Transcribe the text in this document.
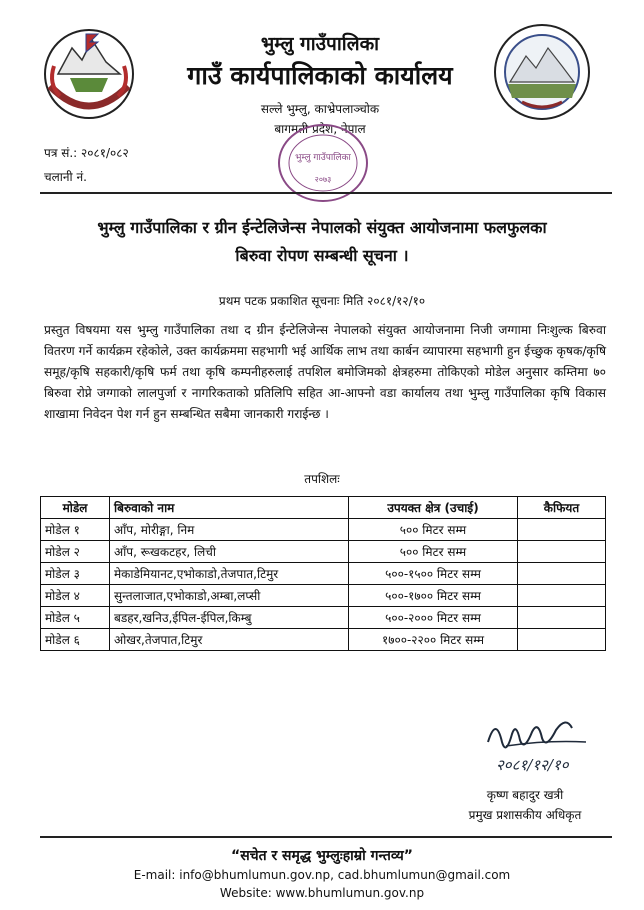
भुम्लु गाउँपालिका
गाउँ कार्यपालिकाको कार्यालय
सल्ले भुम्लु, काभ्रेपलाञ्चोक
बागमती प्रदेश, नेपाल
पत्र सं.: २०८१/०८२
चलानी नं.
भुम्लु गाउँपालिका
२०७३
भुम्लु गाउँपालिका र ग्रीन ईन्टेलिजेन्स नेपालको संयुक्त आयोजनामा फलफुलका
बिरुवा रोपण सम्बन्धी सूचना ।
प्रथम पटक प्रकाशित सूचनाः मिति २०८१/१२/१०
प्रस्तुत विषयमा यस भुम्लु गाउँपालिका तथा द ग्रीन ईन्टेलिजेन्स नेपालको संयुक्त आयोजनामा निजी जग्गामा निःशुल्क बिरुवा वितरण गर्ने कार्यक्रम रहेकोले, उक्त कार्यक्रममा सहभागी भई आर्थिक लाभ तथा कार्बन व्यापारमा सहभागी हुन ईच्छुक कृषक/कृषि समूह/कृषि सहकारी/कृषि फर्म तथा कृषि कम्पनीहरुलाई तपशिल बमोजिमको क्षेत्रहरुमा तोकिएको मोडेल अनुसार कम्तिमा ७० बिरुवा रोप्ने जग्गाको लालपुर्जा र नागरिकताको प्रतिलिपि सहित आ-आफ्नो वडा कार्यालय तथा भुम्लु गाउँपालिका कृषि विकास शाखामा निवेदन पेश गर्न हुन सम्बन्धित सबैमा जानकारी गराईन्छ ।
तपशिलः
मोडेल	बिरुवाको नाम	उपयक्त क्षेत्र (उचाई)	कैफियत
मोडेल १	आँप, मोरीङ्गा, निम	५०० मिटर सम्म	
मोडेल २	आँप, रूखकटहर, लिची	५०० मिटर सम्म	
मोडेल ३	मेकाडेमियानट,एभोकाडो,तेजपात,टिमुर	५००-१५०० मिटर सम्म	
मोडेल ४	सुन्तलाजात,एभोकाडो,अम्बा,लप्सी	५००-१७०० मिटर सम्म	
मोडेल ५	बडहर,खनिउ,ईपिल-ईपिल,किम्बु	५००-२००० मिटर सम्म	
मोडेल ६	ओखर,तेजपात,टिमुर	१७००-२२०० मिटर सम्म	
२०८१/१२/१०
कृष्ण बहादुर खत्री
प्रमुख प्रशासकीय अधिकृत
“सचेत र समृद्ध भुम्लुःहाम्रो गन्तव्य”
E-mail: info@bhumlumun.gov.np, cad.bhumlumun@gmail.com
Website: www.bhumlumun.gov.np
